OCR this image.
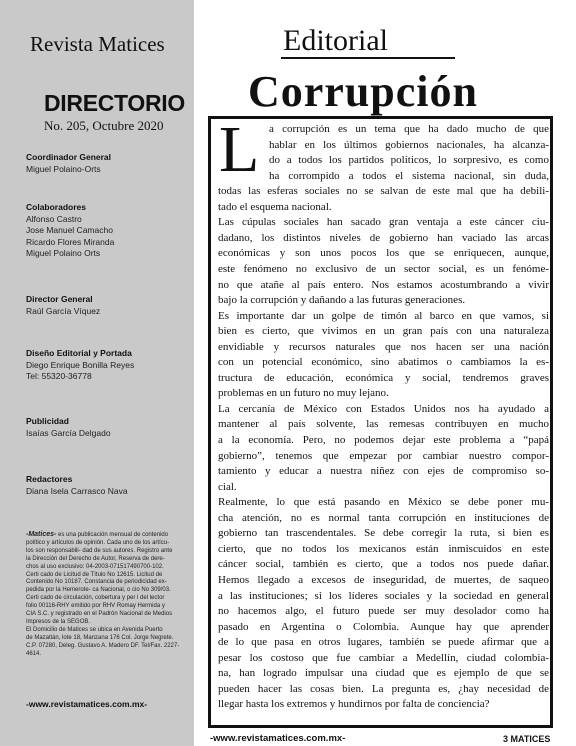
Revista Matices
DIRECTORIO
No. 205, Octubre 2020
Coordinador General
Miguel Polaino-Orts
Colaboradores
Alfonso Castro
Jose Manuel Camacho
Ricardo Flores Miranda
Miguel Polaino Orts
Director General
Raúl García Víquez
Diseño Editorial y Portada
Diego Enrique Bonilla Reyes
Tel: 55320-36778
Publicidad
Isaías García Delgado
Redactores
Diana Isela Carrasco Nava
-Matices- es una publicación mensual de contenido
político y artículos de opinión. Cada uno de los artícu-
los son responsabili- dad de sus autores. Registro ante
la Dirección del Derecho de Autor, Reserva de dere-
chos al uso exclusivo: 04-2003-071517490700-102.
Certi cado de Licitud de Título No 12615. Licitud de
Contenido No 10187. Constancia de periodicidad ex-
pedida por la Hemerote- ca Nacional, o cio No 309/03.
Certi cado de circulación, cobertura y per l del lector
folio 00116-RHY emitido por RHV Romay Hermida y
CIA S.C. y registrado en el Padrón Nacional de Medios
Impresos de la SEGOB.
El Domicilio de Matices se ubica en Avenida Puerto
de Mazatlán, lote 18, Manzana 176 Col. Jorge Negrete.
C.P. 07280, Deleg. Gustavo A. Madero DF. Tel/Fax. 2227-
4614.
-www.revistamatices.com.mx-
Editorial
Corrupción
L a corrupción es un tema que ha dado mucho de que
hablar en los últimos gobiernos nacionales, ha alcanza-
do a todos los partidos políticos, lo sorpresivo, es como
ha corrompido a todos el sistema nacional, sin duda,
todas las esferas sociales no se salvan de este mal que ha debili-
tado el esquema nacional.
Las cúpulas sociales han sacado gran ventaja a este cáncer ciu-
dadano, los distintos niveles de gobierno han vaciado las arcas
económicas y son unos pocos los que se enriquecen, aunque,
este fenómeno no exclusivo de un sector social, es un fenóme-
no que atañe al país entero. Nos estamos acostumbrando a vivir
bajo la corrupción y dañando a las futuras generaciones.
Es importante dar un golpe de timón al barco en que vamos, si
bien es cierto, que vivimos en un gran país con una naturaleza
envidiable y recursos naturales que nos hacen ser una nación
con un potencial económico, sino abatimos o cambiamos la es-
tructura de educación, económica y social, tendremos graves
problemas en un futuro no muy lejano.
La cercanía de México con Estados Unidos nos ha ayudado a
mantener al país solvente, las remesas contribuyen en mucho
a la economía. Pero, no podemos dejar este problema a “papá
gobierno”, tenemos que empezar por cambiar nuestro compor-
tamiento y educar a nuestra niñez con ejes de compromiso so-
cial.
Realmente, lo que está pasando en México se debe poner mu-
cha atención, no es normal tanta corrupción en instituciones de
gobierno tan trascendentales. Se debe corregir la ruta, si bien es
cierto, que no todos los mexicanos están inmiscuidos en este
cáncer social, también es cierto, que a todos nos puede dañar.
Hemos llegado a excesos de inseguridad, de muertes, de saqueo
a las instituciones; si los líderes sociales y la sociedad en general
no hacemos algo, el futuro puede ser muy desolador como ha
pasado en Argentina o Colombia. Aunque hay que aprender
de lo que pasa en otros lugares, también se puede afirmar que a
pesar los costoso que fue cambiar a Medellín, ciudad colombia-
na, han logrado impulsar una ciudad que es ejemplo de que se
pueden hacer las cosas bien. La pregunta es, ¿hay necesidad de
llegar hasta los extremos y hundirnos por falta de conciencia?
-www.revistamatices.com.mx-	3 MATICES
